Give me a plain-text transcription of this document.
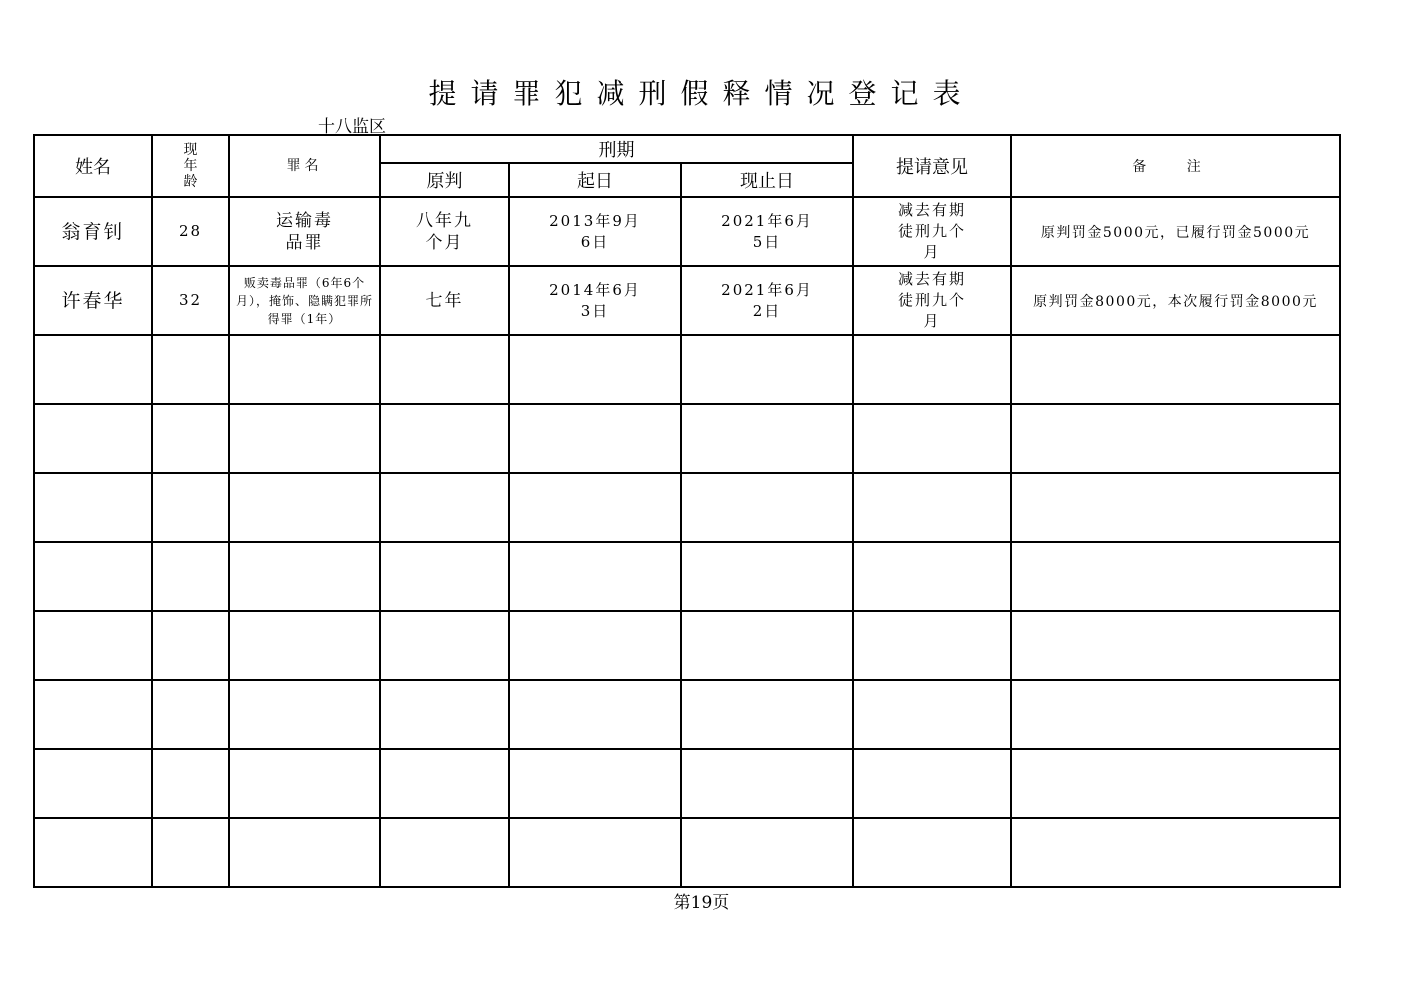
提请罪犯减刑假释情况登记表
十八监区
姓名	现年龄	罪名	刑期			提请意见	备 注
			原判	起日	现止日		
翁育钊	28	运输毒品罪	八年九个月	2013年9月6日	2021年6月5日	减去有期徒刑九个月	原判罚金5000元，已履行罚金5000元
许春华	32	贩卖毒品罪（6年6个月），掩饰、隐瞒犯罪所得罪（1年）	七年	2014年6月3日	2021年6月2日	减去有期徒刑九个月	原判罚金8000元，本次履行罚金8000元

第19页
